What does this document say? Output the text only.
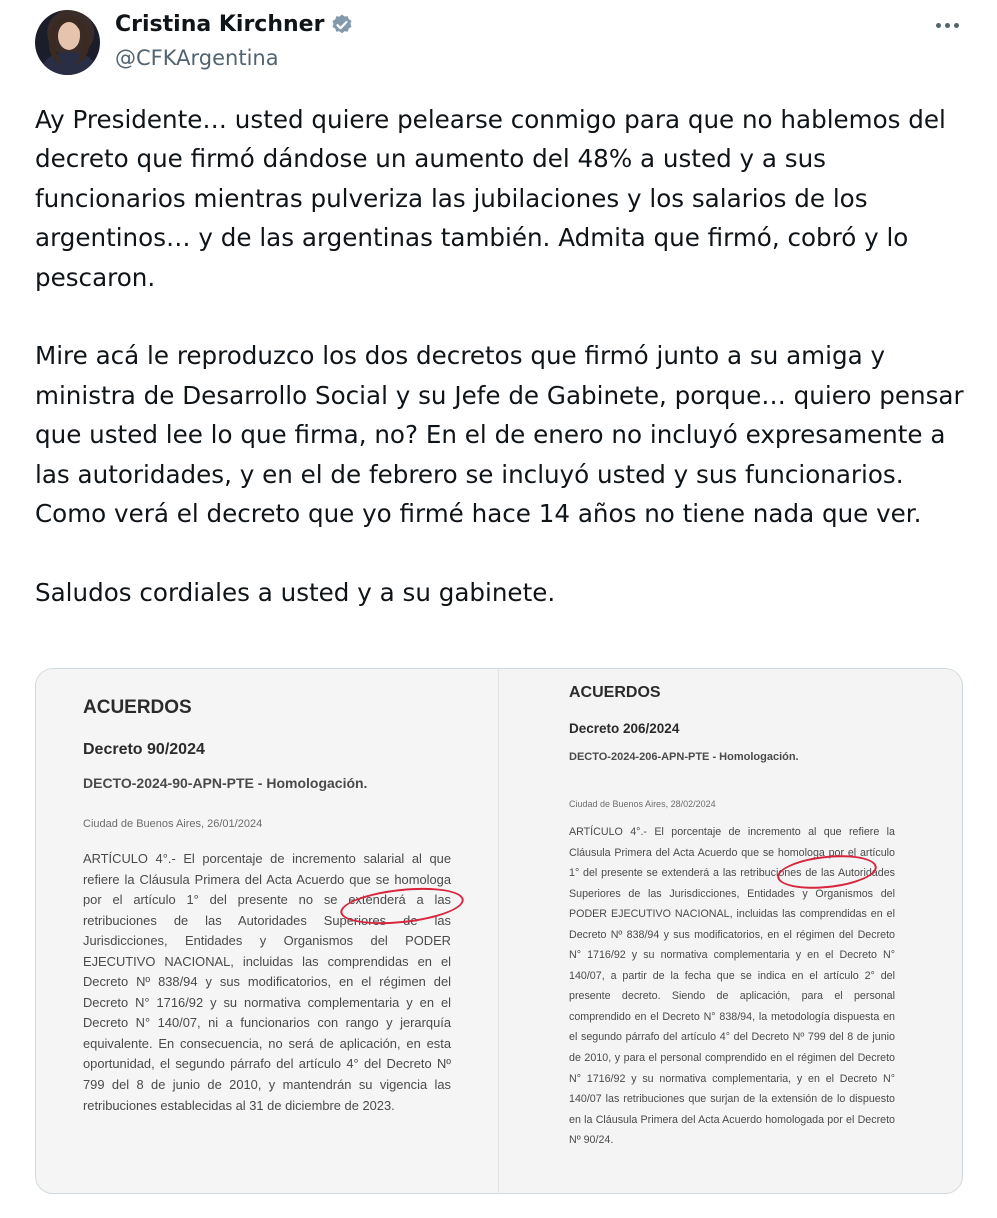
Cristina Kirchner
@CFKArgentina

Ay Presidente… usted quiere pelearse conmigo para que no hablemos del decreto que firmó dándose un aumento del 48% a usted y a sus funcionarios mientras pulveriza las jubilaciones y los salarios de los argentinos… y de las argentinas también. Admita que firmó, cobró y lo pescaron.

Mire acá le reproduzco los dos decretos que firmó junto a su amiga y ministra de Desarrollo Social y su Jefe de Gabinete, porque… quiero pensar que usted lee lo que firma, no? En el de enero no incluyó expresamente a las autoridades, y en el de febrero se incluyó usted y sus funcionarios. Como verá el decreto que yo firmé hace 14 años no tiene nada que ver.

Saludos cordiales a usted y a su gabinete.

ACUERDOS
Decreto 90/2024
DECTO-2024-90-APN-PTE - Homologación.
Ciudad de Buenos Aires, 26/01/2024
ARTÍCULO 4°.- El porcentaje de incremento salarial al que refiere la Cláusula Primera del Acta Acuerdo que se homologa por el artículo 1° del presente no se extenderá a las retribuciones de las Autoridades Superiores de las Jurisdicciones, Entidades y Organismos del PODER EJECUTIVO NACIONAL, incluidas las comprendidas en el Decreto Nº 838/94 y sus modificatorios, en el régimen del Decreto N° 1716/92 y su normativa complementaria y en el Decreto N° 140/07, ni a funcionarios con rango y jerarquía equivalente. En consecuencia, no será de aplicación, en esta oportunidad, el segundo párrafo del artículo 4° del Decreto Nº 799 del 8 de junio de 2010, y mantendrán su vigencia las retribuciones establecidas al 31 de diciembre de 2023.
ACUERDOS
Decreto 206/2024
DECTO-2024-206-APN-PTE - Homologación.
Ciudad de Buenos Aires, 28/02/2024
ARTÍCULO 4°.- El porcentaje de incremento al que refiere la Cláusula Primera del Acta Acuerdo que se homologa por el artículo 1° del presente se extenderá a las retribuciones de las Autoridades Superiores de las Jurisdicciones, Entidades y Organismos del PODER EJECUTIVO NACIONAL, incluidas las comprendidas en el Decreto Nº 838/94 y sus modificatorios, en el régimen del Decreto N° 1716/92 y su normativa complementaria y en el Decreto N° 140/07, a partir de la fecha que se indica en el artículo 2° del presente decreto. Siendo de aplicación, para el personal comprendido en el Decreto N° 838/94, la metodología dispuesta en el segundo párrafo del artículo 4° del Decreto Nº 799 del 8 de junio de 2010, y para el personal comprendido en el régimen del Decreto N° 1716/92 y su normativa complementaria, y en el Decreto N° 140/07 las retribuciones que surjan de la extensión de lo dispuesto en la Cláusula Primera del Acta Acuerdo homologada por el Decreto Nº 90/24.
